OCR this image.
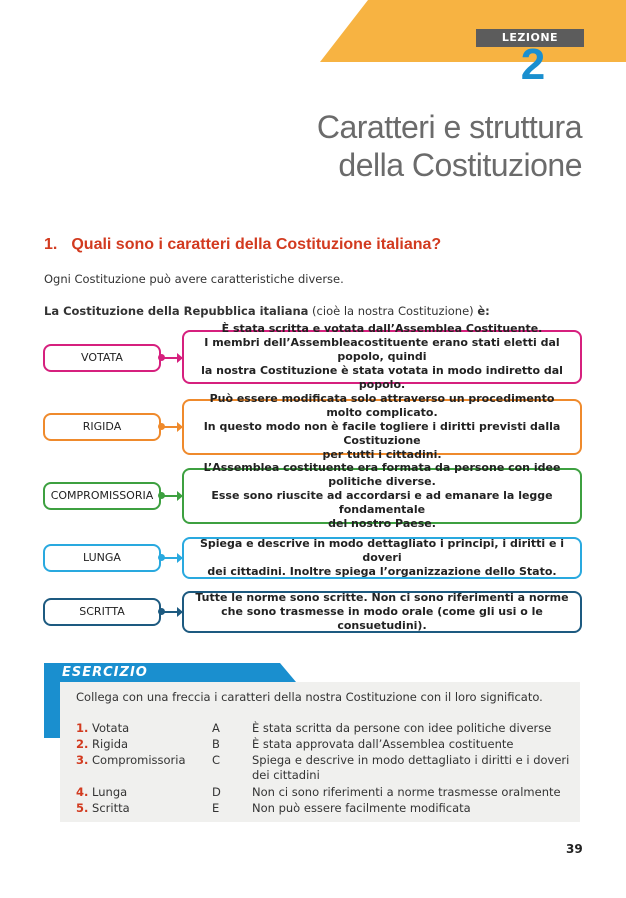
LEZIONE
2
Caratteri e struttura
della Costituzione
1. Quali sono i caratteri della Costituzione italiana?
Ogni Costituzione può avere caratteristiche diverse.
La Costituzione della Repubblica italiana (cioè la nostra Costituzione) è:
VOTATA
È stata scritta e votata dall’Assemblea Costituente.
I membri dell’Assembleacostituente erano stati eletti dal popolo, quindi
la nostra Costituzione è stata votata in modo indiretto dal popolo.
RIGIDA
Può essere modificata solo attraverso un procedimento molto complicato.
In questo modo non è facile togliere i diritti previsti dalla Costituzione
per tutti i cittadini.
COMPROMISSORIA
L’Assemblea costituente era formata da persone con idee politiche diverse.
Esse sono riuscite ad accordarsi e ad emanare la legge fondamentale
del nostro Paese.
LUNGA
Spiega e descrive in modo dettagliato i principi, i diritti e i doveri
dei cittadini. Inoltre spiega l’organizzazione dello Stato.
SCRITTA
Tutte le norme sono scritte. Non ci sono riferimenti a norme
che sono trasmesse in modo orale (come gli usi o le consuetudini).
ESERCIZIO
Collega con una freccia i caratteri della nostra Costituzione con il loro significato.
1. Votata	A	È stata scritta da persone con idee politiche diverse
2. Rigida	B	È stata approvata dall’Assemblea costituente
3. Compromissoria C	Spiega e descrive in modo dettagliato i diritti e i doveri dei cittadini
4. Lunga	D	Non ci sono riferimenti a norme trasmesse oralmente
5. Scritta	E	Non può essere facilmente modificata
39
